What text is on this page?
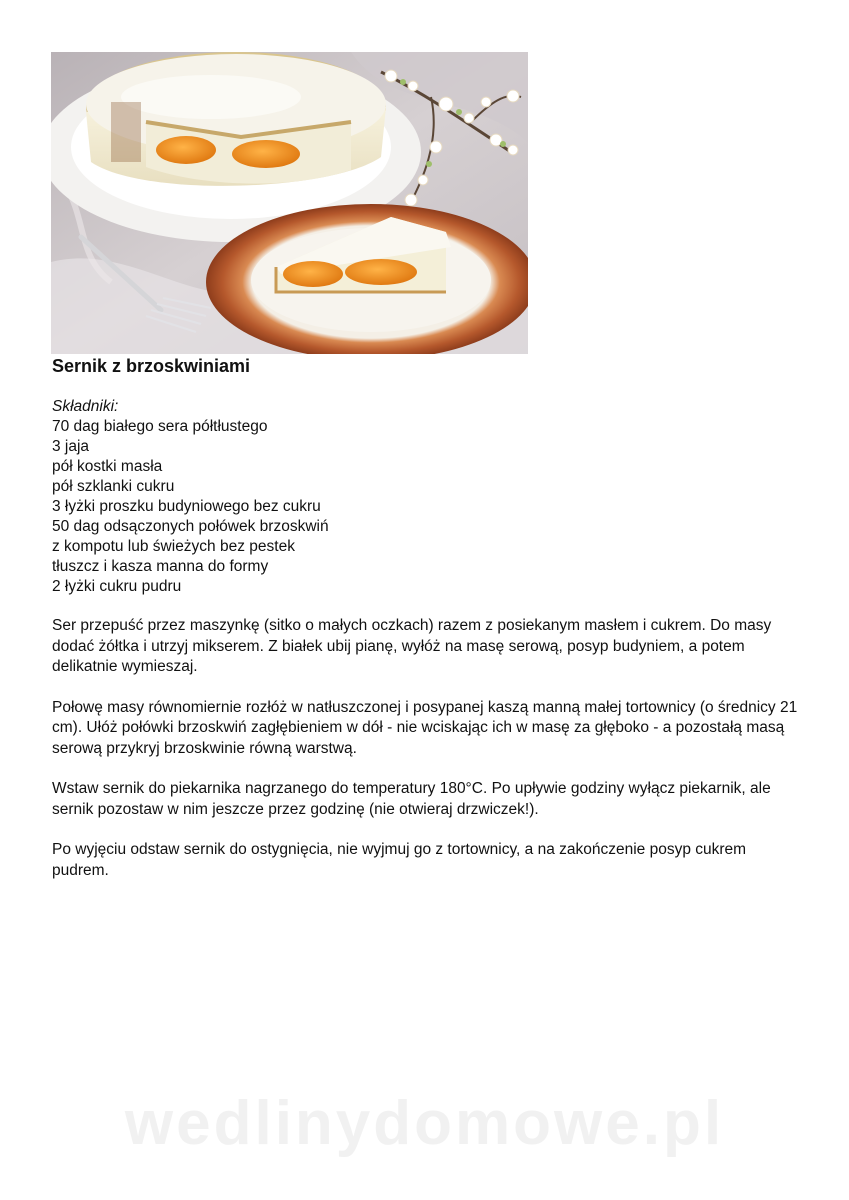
Sernik z brzoskwiniami
Składniki:
70 dag białego sera półtłustego
3 jaja
pół kostki masła
pół szklanki cukru
3 łyżki proszku budyniowego bez cukru
50 dag odsączonych połówek brzoskwiń
z kompotu lub świeżych bez pestek
tłuszcz i kasza manna do formy
2 łyżki cukru pudru

Ser przepuść przez maszynkę (sitko o małych oczkach) razem z posiekanym masłem i cukrem. Do masy dodać żółtka i utrzyj mikserem. Z białek ubij pianę, wyłóż na masę serową, posyp budyniem, a potem delikatnie wymieszaj.

Połowę masy równomiernie rozłóż w natłuszczonej i posypanej kaszą manną małej tortownicy (o średnicy 21 cm). Ułóż połówki brzoskwiń zagłębieniem w dół - nie wciskając ich w masę za głęboko - a pozostałą masą serową przykryj brzoskwinie równą warstwą.

Wstaw sernik do piekarnika nagrzanego do temperatury 180°C. Po upływie godziny wyłącz piekarnik, ale sernik pozostaw w nim jeszcze przez godzinę (nie otwieraj drzwiczek!).

Po wyjęciu odstaw sernik do ostygnięcia, nie wyjmuj go z tortownicy, a na zakończenie posyp cukrem pudrem.

wedlinydomowe.pl
